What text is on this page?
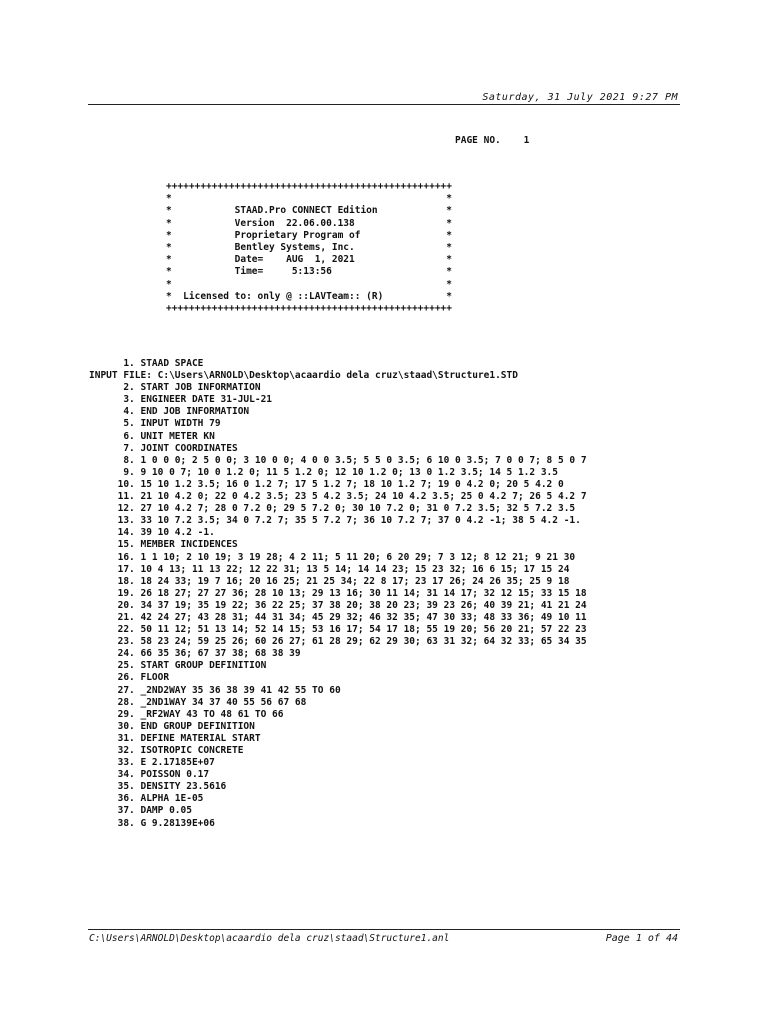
Saturday, 31 July 2021 9:27 PM
PAGE NO.    1
++++++++++++++++++++++++++++++++++++++++++++++++++
*                                                *
*           STAAD.Pro CONNECT Edition            *
*           Version  22.06.00.138                *
*           Proprietary Program of               *
*           Bentley Systems, Inc.                *
*           Date=    AUG  1, 2021                *
*           Time=     5:13:56                    *
*                                                *
*  Licensed to: only @ ::LAVTeam:: (R)           *
++++++++++++++++++++++++++++++++++++++++++++++++++
1. STAAD SPACE
INPUT FILE: C:\Users\ARNOLD\Desktop\acaardio dela cruz\staad\Structure1.STD
2. START JOB INFORMATION
3. ENGINEER DATE 31-JUL-21
4. END JOB INFORMATION
5. INPUT WIDTH 79
6. UNIT METER KN
7. JOINT COORDINATES
8. 1 0 0 0; 2 5 0 0; 3 10 0 0; 4 0 0 3.5; 5 5 0 3.5; 6 10 0 3.5; 7 0 0 7; 8 5 0 7
9. 9 10 0 7; 10 0 1.2 0; 11 5 1.2 0; 12 10 1.2 0; 13 0 1.2 3.5; 14 5 1.2 3.5
10. 15 10 1.2 3.5; 16 0 1.2 7; 17 5 1.2 7; 18 10 1.2 7; 19 0 4.2 0; 20 5 4.2 0
11. 21 10 4.2 0; 22 0 4.2 3.5; 23 5 4.2 3.5; 24 10 4.2 3.5; 25 0 4.2 7; 26 5 4.2 7
12. 27 10 4.2 7; 28 0 7.2 0; 29 5 7.2 0; 30 10 7.2 0; 31 0 7.2 3.5; 32 5 7.2 3.5
13. 33 10 7.2 3.5; 34 0 7.2 7; 35 5 7.2 7; 36 10 7.2 7; 37 0 4.2 -1; 38 5 4.2 -1.
14. 39 10 4.2 -1.
15. MEMBER INCIDENCES
16. 1 1 10; 2 10 19; 3 19 28; 4 2 11; 5 11 20; 6 20 29; 7 3 12; 8 12 21; 9 21 30
17. 10 4 13; 11 13 22; 12 22 31; 13 5 14; 14 14 23; 15 23 32; 16 6 15; 17 15 24
18. 18 24 33; 19 7 16; 20 16 25; 21 25 34; 22 8 17; 23 17 26; 24 26 35; 25 9 18
19. 26 18 27; 27 27 36; 28 10 13; 29 13 16; 30 11 14; 31 14 17; 32 12 15; 33 15 18
20. 34 37 19; 35 19 22; 36 22 25; 37 38 20; 38 20 23; 39 23 26; 40 39 21; 41 21 24
21. 42 24 27; 43 28 31; 44 31 34; 45 29 32; 46 32 35; 47 30 33; 48 33 36; 49 10 11
22. 50 11 12; 51 13 14; 52 14 15; 53 16 17; 54 17 18; 55 19 20; 56 20 21; 57 22 23
23. 58 23 24; 59 25 26; 60 26 27; 61 28 29; 62 29 30; 63 31 32; 64 32 33; 65 34 35
24. 66 35 36; 67 37 38; 68 38 39
25. START GROUP DEFINITION
26. FLOOR
27. _2ND2WAY 35 36 38 39 41 42 55 TO 60
28. _2ND1WAY 34 37 40 55 56 67 68
29. _RF2WAY 43 TO 48 61 TO 66
30. END GROUP DEFINITION
31. DEFINE MATERIAL START
32. ISOTROPIC CONCRETE
33. E 2.17185E+07
34. POISSON 0.17
35. DENSITY 23.5616
36. ALPHA 1E-05
37. DAMP 0.05
38. G 9.28139E+06
C:\Users\ARNOLD\Desktop\acaardio dela cruz\staad\Structure1.anl	Page 1 of 44
